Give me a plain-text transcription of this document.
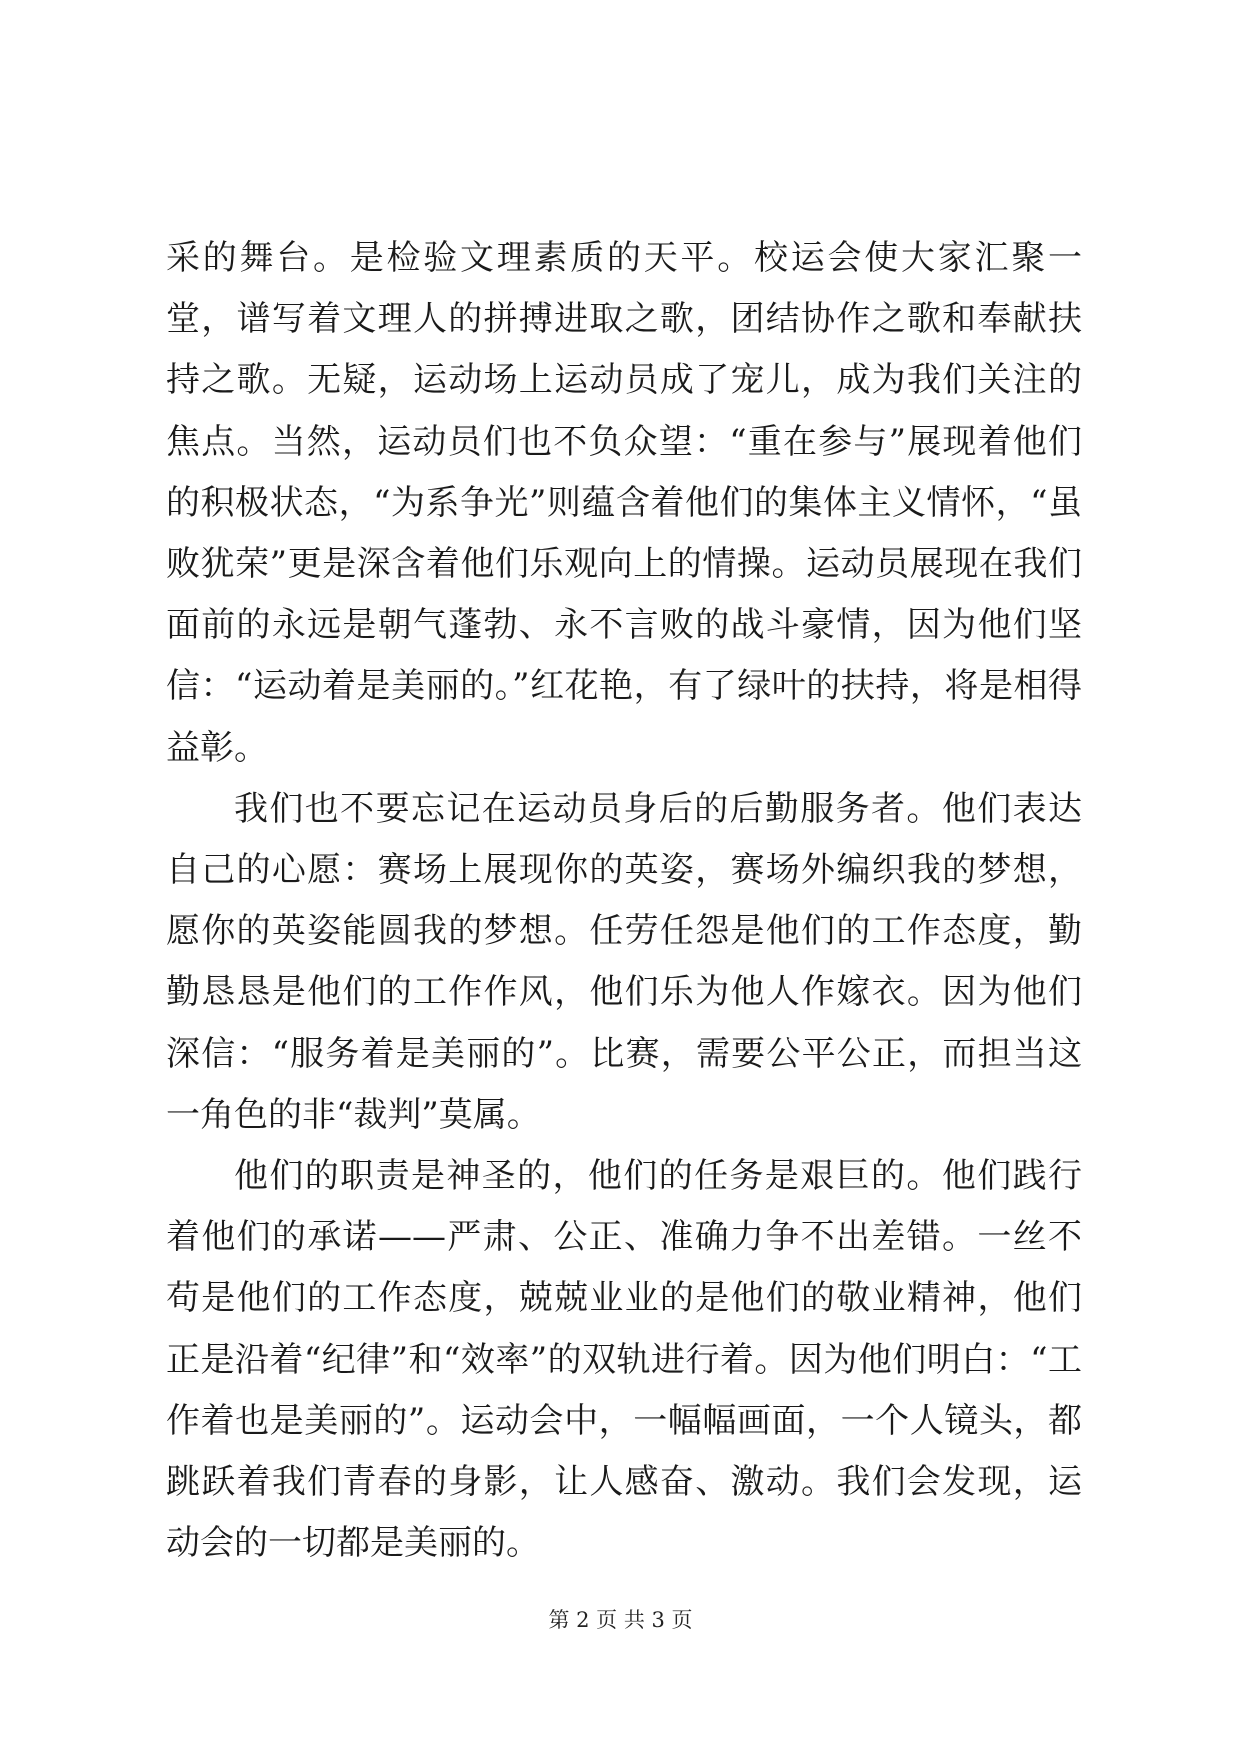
采的舞台。是检验文理素质的天平。校运会使大家汇聚一堂，谱写着文理人的拼搏进取之歌，团结协作之歌和奉献扶持之歌。无疑，运动场上运动员成了宠儿，成为我们关注的焦点。当然，运动员们也不负众望：“重在参与”展现着他们的积极状态，“为系争光”则蕴含着他们的集体主义情怀，“虽败犹荣”更是深含着他们乐观向上的情操。运动员展现在我们面前的永远是朝气蓬勃、永不言败的战斗豪情，因为他们坚信：“运动着是美丽的。”红花艳，有了绿叶的扶持，将是相得益彰。

我们也不要忘记在运动员身后的后勤服务者。他们表达自己的心愿：赛场上展现你的英姿，赛场外编织我的梦想，愿你的英姿能圆我的梦想。任劳任怨是他们的工作态度，勤勤恳恳是他们的工作作风，他们乐为他人作嫁衣。因为他们深信：“服务着是美丽的”。比赛，需要公平公正，而担当这一角色的非“裁判”莫属。

他们的职责是神圣的，他们的任务是艰巨的。他们践行着他们的承诺——严肃、公正、准确力争不出差错。一丝不苟是他们的工作态度，兢兢业业的是他们的敬业精神，他们正是沿着“纪律”和“效率”的双轨进行着。因为他们明白：“工作着也是美丽的”。运动会中，一幅幅画面，一个人镜头，都跳跃着我们青春的身影，让人感奋、激动。我们会发现，运动会的一切都是美丽的。

第 2 页 共 3 页
